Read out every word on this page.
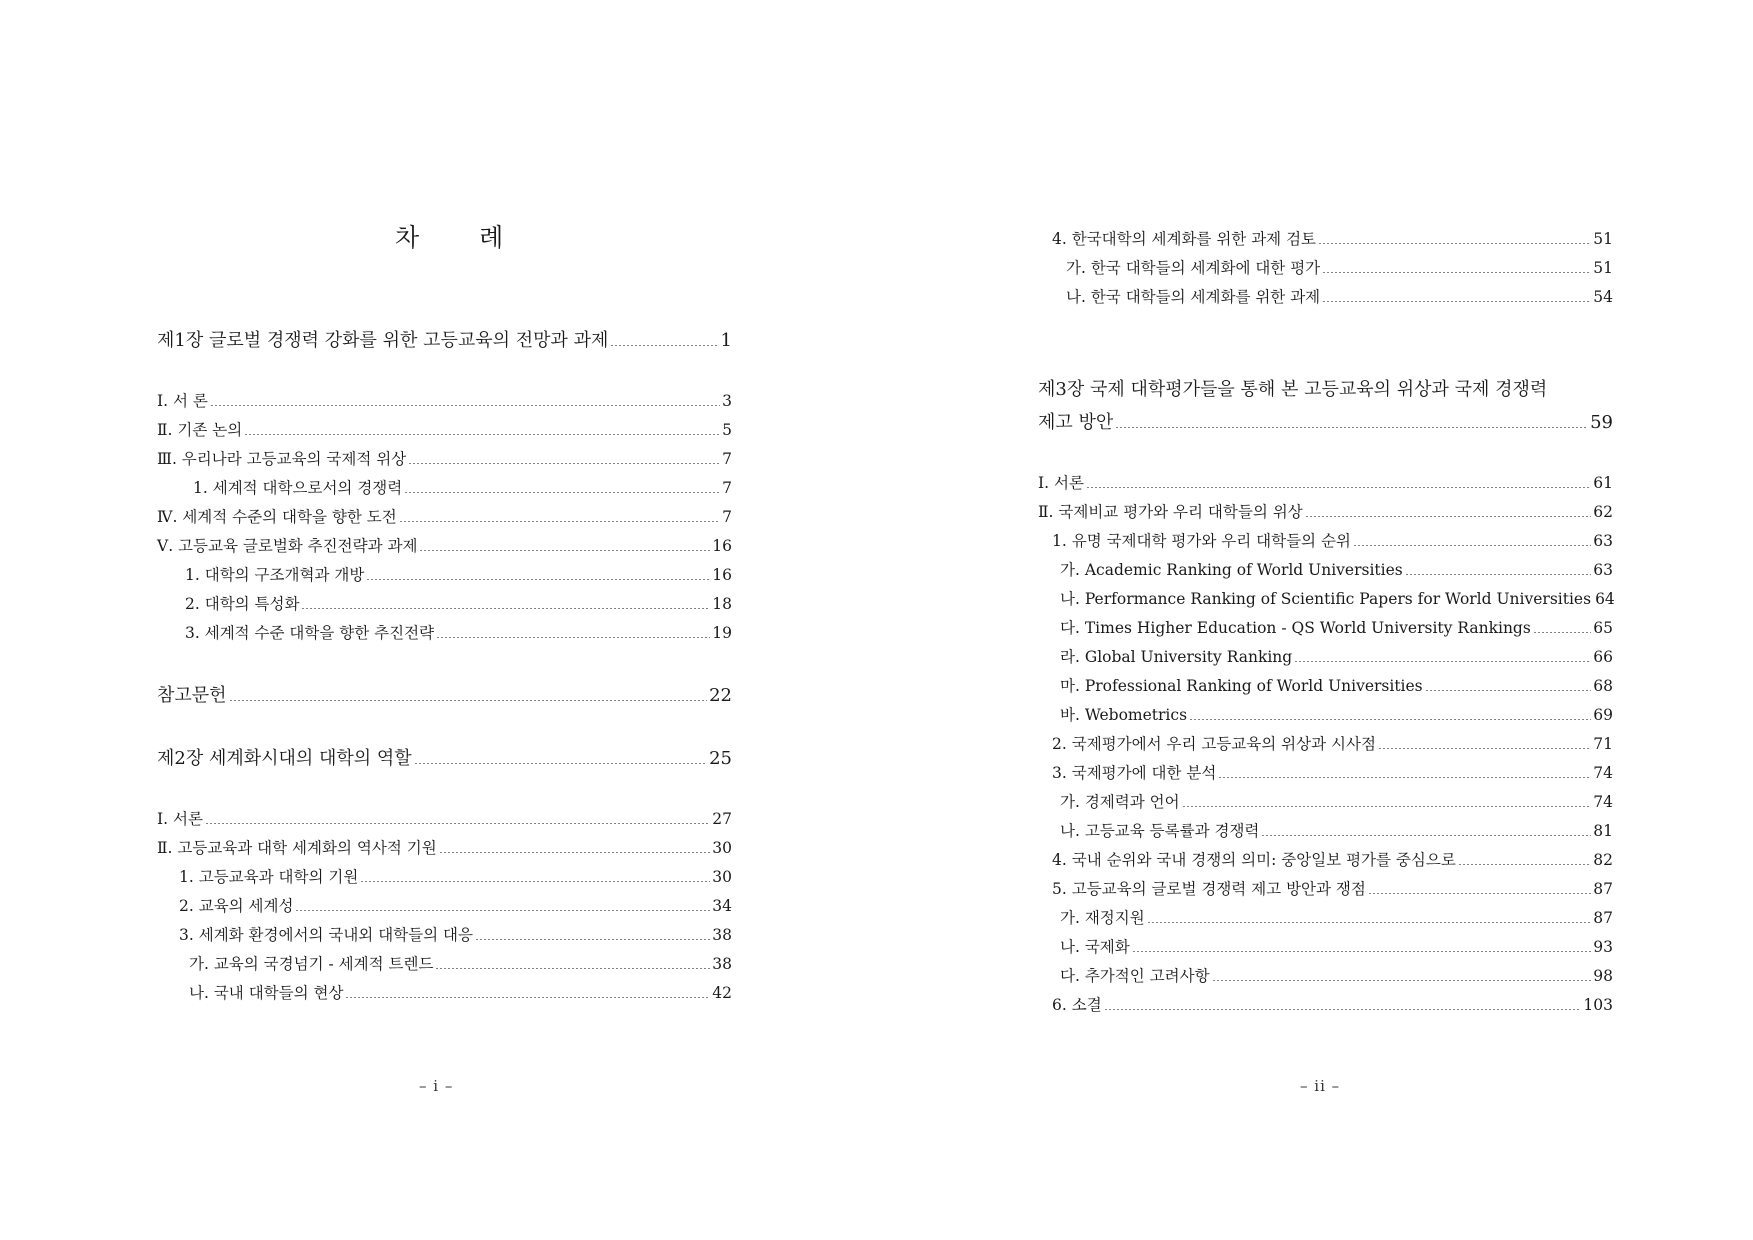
차 례
제1장 글로벌 경쟁력 강화를 위한 고등교육의 전망과 과제	1
Ⅰ. 서 론	3
Ⅱ. 기존 논의	5
Ⅲ. 우리나라 고등교육의 국제적 위상	7
1. 세계적 대학으로서의 경쟁력	7
Ⅳ. 세계적 수준의 대학을 향한 도전	7
Ⅴ. 고등교육 글로벌화 추진전략과 과제	16
1. 대학의 구조개혁과 개방	16
2. 대학의 특성화	18
3. 세계적 수준 대학을 향한 추진전략	19
참고문헌	22
제2장 세계화시대의 대학의 역할	25
Ⅰ. 서론	27
Ⅱ. 고등교육과 대학 세계화의 역사적 기원	30
1. 고등교육과 대학의 기원	30
2. 교육의 세계성	34
3. 세계화 환경에서의 국내외 대학들의 대응	38
가. 교육의 국경넘기 - 세계적 트렌드	38
나. 국내 대학들의 현상	42
– i –
4. 한국대학의 세계화를 위한 과제 검토	51
가. 한국 대학들의 세계화에 대한 평가	51
나. 한국 대학들의 세계화를 위한 과제	54
제3장 국제 대학평가들을 통해 본 고등교육의 위상과 국제 경쟁력
제고 방안	59
Ⅰ. 서론	61
Ⅱ. 국제비교 평가와 우리 대학들의 위상	62
1. 유명 국제대학 평가와 우리 대학들의 순위	63
가. Academic Ranking of World Universities	63
나. Performance Ranking of Scientific Papers for World Universities 64
다. Times Higher Education - QS World University Rankings	65
라. Global University Ranking	66
마. Professional Ranking of World Universities	68
바. Webometrics	69
2. 국제평가에서 우리 고등교육의 위상과 시사점	71
3. 국제평가에 대한 분석	74
가. 경제력과 언어	74
나. 고등교육 등록률과 경쟁력	81
4. 국내 순위와 국내 경쟁의 의미: 중앙일보 평가를 중심으로	82
5. 고등교육의 글로벌 경쟁력 제고 방안과 쟁점	87
가. 재정지원	87
나. 국제화	93
다. 추가적인 고려사항	98
6. 소결	103
– ii –
